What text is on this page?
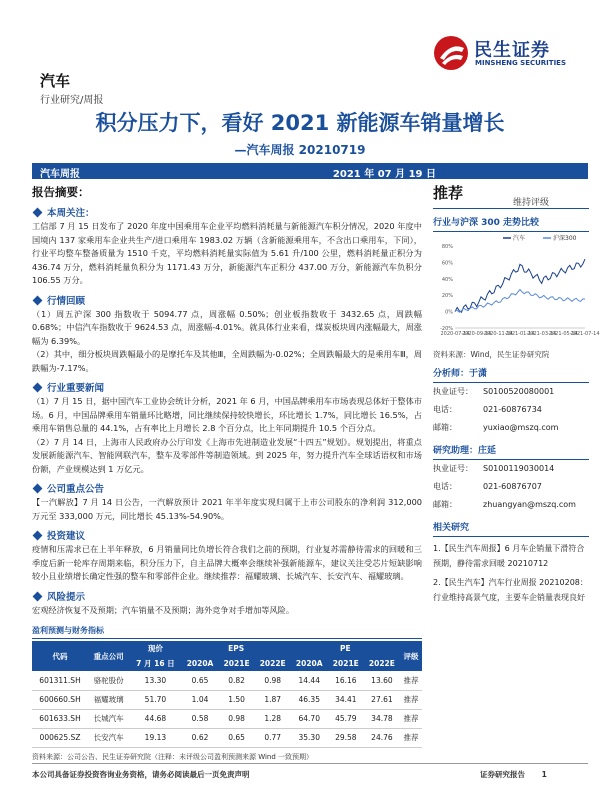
民生证券
MINSHENG SECURITIES
汽车
行业研究/周报
积分压力下，看好 2021 新能源车销量增长
—汽车周报 20210719
汽车周报	2021 年 07 月 19 日
报告摘要：
本周关注：
工信部 7 月 15 日发布了 2020 年度中国乘用车企业平均燃料消耗量与新能源汽车积分情况，2020 年度中国境内 137 家乘用车企业共生产/进口乘用车 1983.02 万辆（含新能源乘用车，不含出口乘用车，下同），行业平均整车整备质量为 1510 千克，平均燃料消耗量实际值为 5.61 升/100 公里，燃料消耗量正积分为 436.74 万分，燃料消耗量负积分为 1171.43 万分，新能源汽车正积分 437.00 万分，新能源汽车负积分 106.55 万分。
行情回顾
（1）周五沪深 300 指数收于 5094.77 点，周涨幅 0.50%；创业板指数收于 3432.65 点，周跌幅 0.68%；中信汽车指数收于 9624.53 点，周涨幅-4.01%。就具体行业来看，煤炭板块周内涨幅最大，周涨幅为 6.39%。
（2）其中，细分板块周跌幅最小的是摩托车及其他Ⅲ，全周跌幅为-0.02%；全周跌幅最大的是乘用车Ⅲ，周跌幅为-7.17%。
行业重要新闻
（1）7 月 15 日，据中国汽车工业协会统计分析，2021 年 6 月，中国品牌乘用车市场表现总体好于整体市场。6 月，中国品牌乘用车销量环比略增，同比继续保持较快增长，环比增长 1.7%，同比增长 16.5%，占乘用车销售总量的 44.1%，占有率比上月增长 2.8 个百分点，比上年同期提升 10.5 个百分点。
（2）7 月 14 日，上海市人民政府办公厅印发《上海市先进制造业发展“十四五”规划》。规划提出，将重点发展新能源汽车、智能网联汽车，整车及零部件等制造领域。到 2025 年，努力提升汽车全球话语权和市场份额，产业规模达到 1 万亿元。
公司重点公告
【一汽解放】7 月 14 日公告，一汽解放预计 2021 年半年度实现归属于上市公司股东的净利润 312,000 万元至 333,000 万元，同比增长 45.13%-54.90%。
投资建议
疫情和压需求已在上半年释放，6 月销量同比负增长符合我们之前的预期，行业复苏需静待需求的回暖和三季度后新一轮库存周期来临，积分压力下，自主品牌大概率会继续补强新能源车，建议关注受芯片短缺影响较小且业绩增长确定性强的整车和零部件企业。继续推荐：福耀玻璃、长城汽车、长安汽车、福耀玻璃。
风险提示
宏观经济恢复不及预期；汽车销量不及预期；海外竞争对手增加等风险。
盈利预测与财务指标
代码	重点公司	现价	EPS			PE			评级
		7 月 16 日	2020A	2021E	2022E	2020A	2021E	2022E	
601311.SH	骆驼股份	13.30	0.65	0.82	0.98	14.44	16.16	13.60	推荐
600660.SH	福耀玻璃	51.70	1.04	1.50	1.87	46.35	34.41	27.61	推荐
601633.SH	长城汽车	44.68	0.58	0.98	1.28	64.70	45.79	34.78	推荐
000625.SZ	长安汽车	19.13	0.62	0.65	0.77	35.30	29.58	24.76	推荐
资料来源：公司公告、民生证券研究院（注释：未评级公司盈利预测来源 Wind 一致预期）
推荐
维持评级
行业与沪深 300 走势比较
80%
60%
40%
20%
0%
-20%
2020-07-14
2020-09-14
2020-11-14
2021-01-14
2021-03-14
2021-05-14
2021-07-14
汽车	沪深300
资料来源：Wind，民生证券研究院
分析师：于潇
执业证号：	S0100520080001
电话：	021-60876734
邮箱：	yuxiao@mszq.com
研究助理：庄延
执业证号：	S0100119030014
电话：	021-60876707
邮箱：	zhuangyan@mszq.com
相关研究
1.【民生汽车周报】6 月车企销量下滑符合预期，静待需求回暖 20210712
2.【民生汽车】汽车行业周报 20210208：行业维持高景气度，主要车企销量表现良好
本公司具备证券投资咨询业务资格，请务必阅读最后一页免责声明	证券研究报告 1
